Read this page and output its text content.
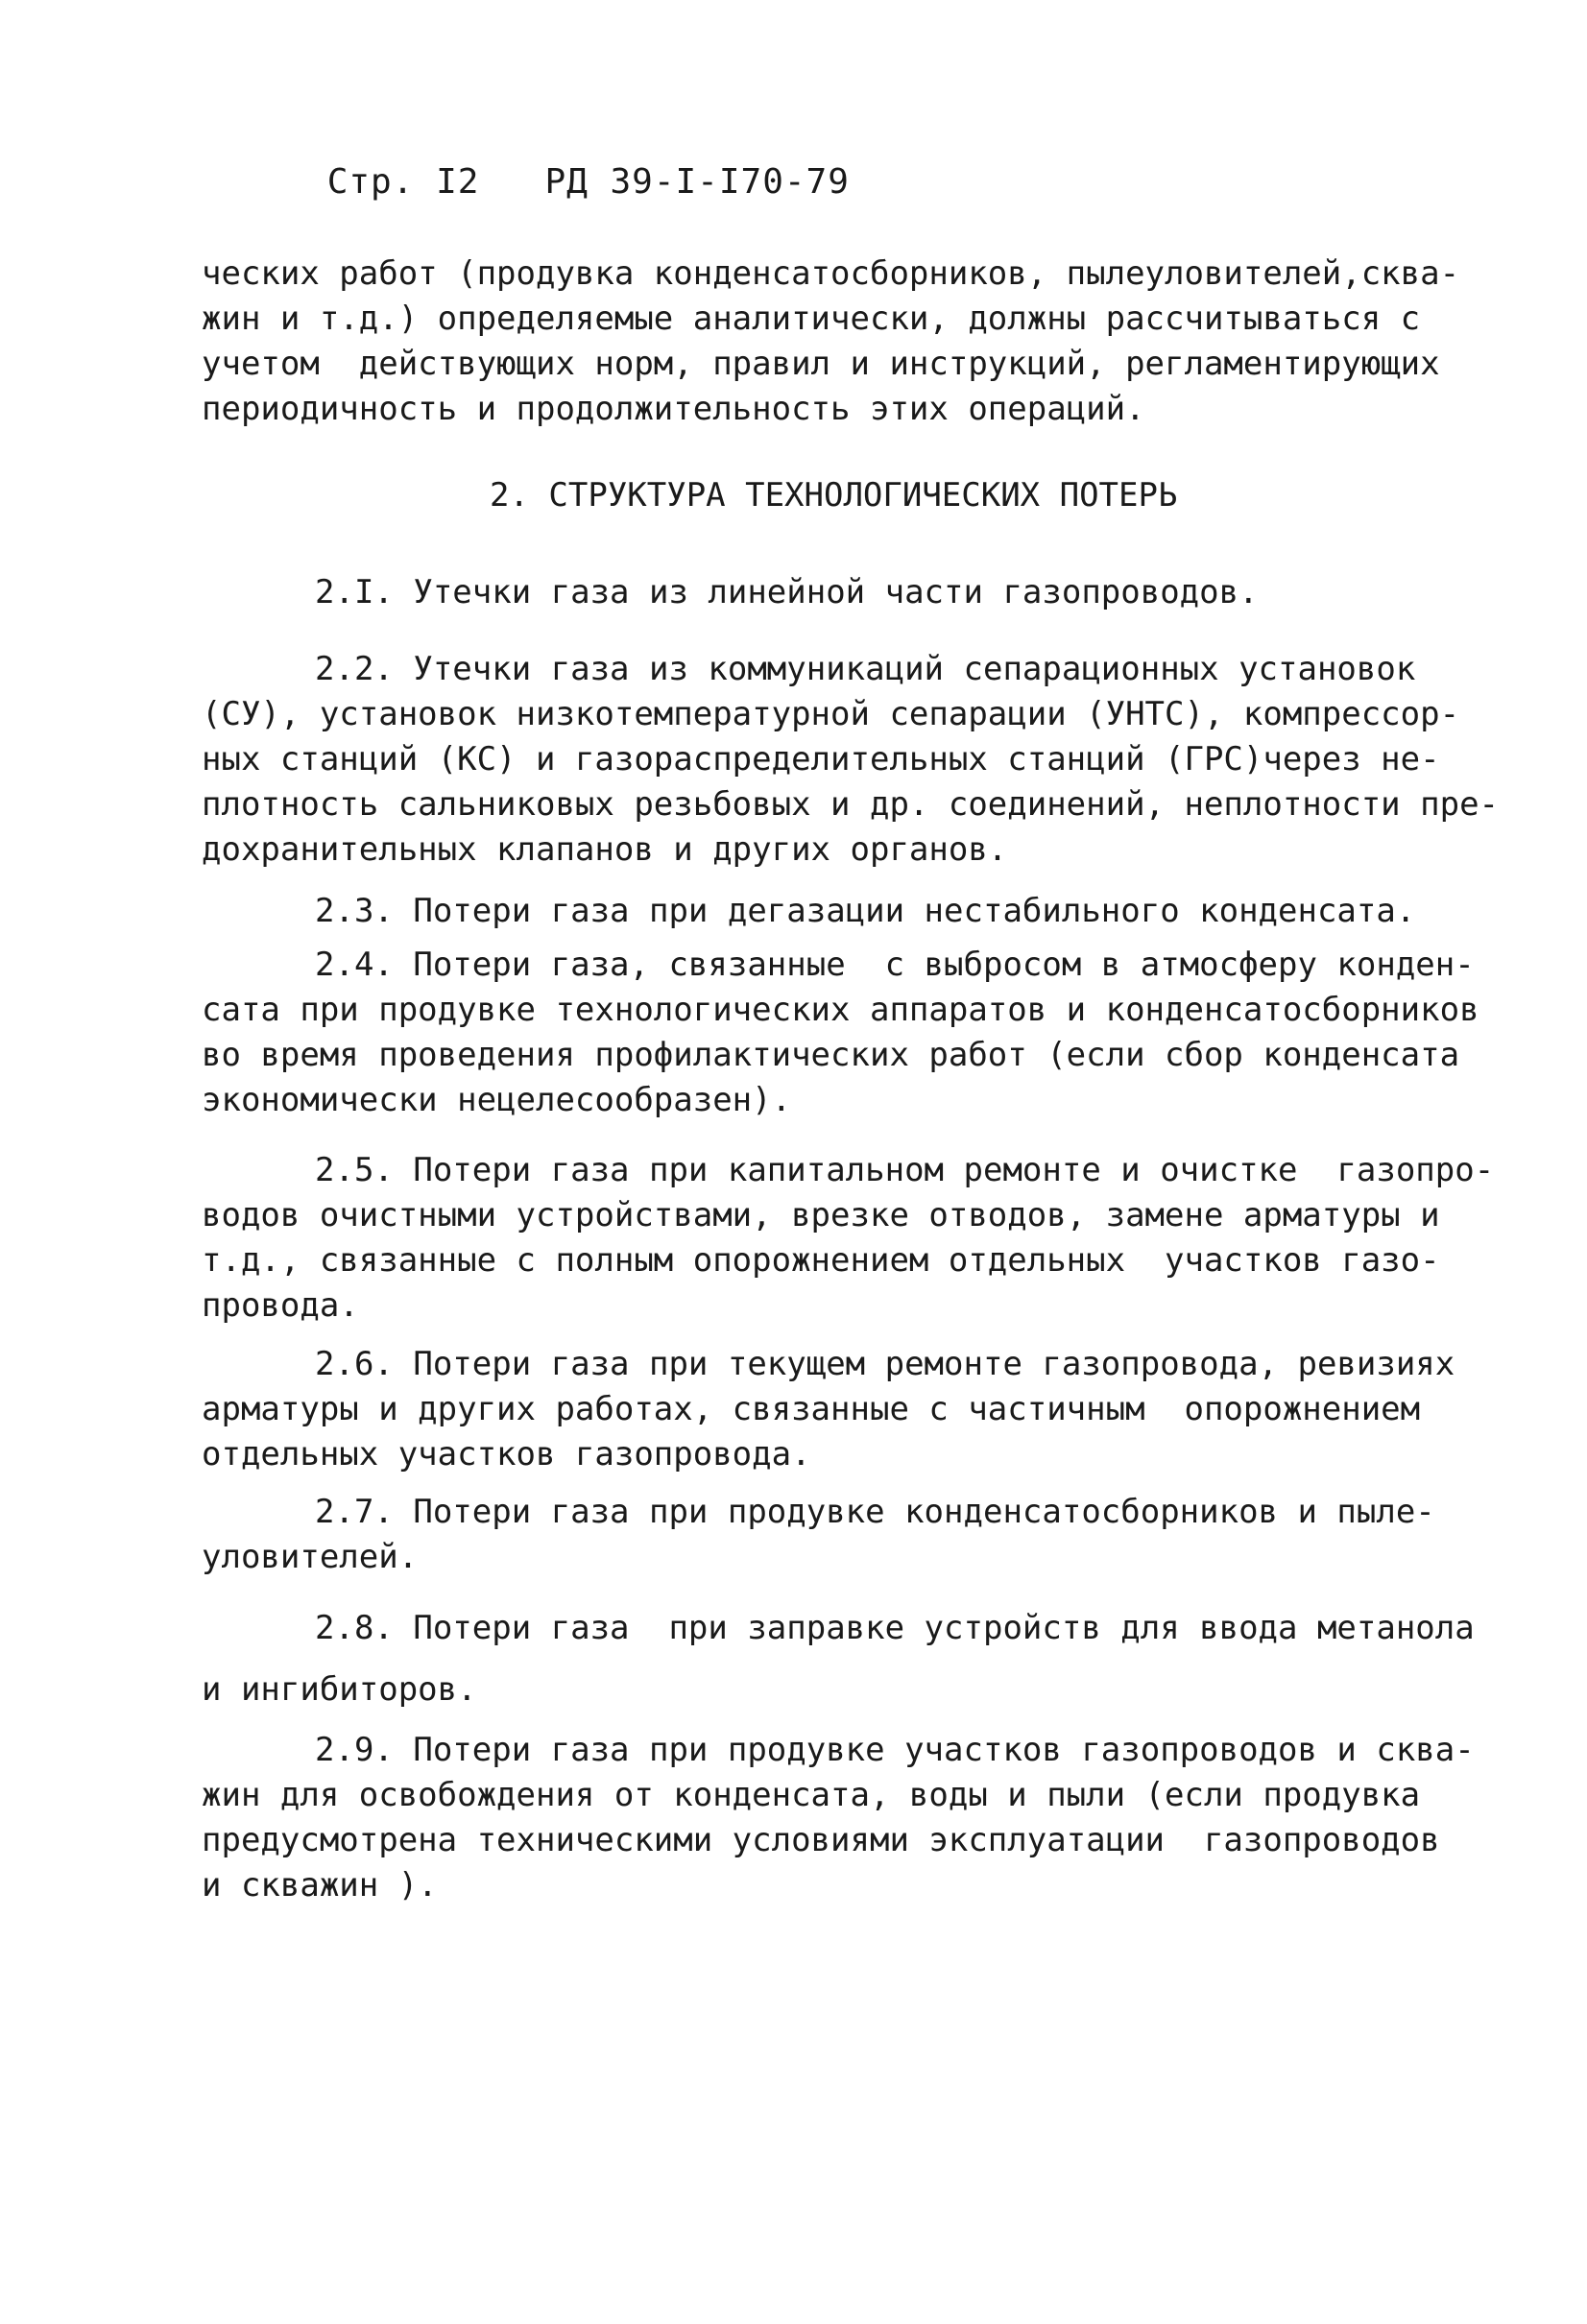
Стр. I2 РД 39-I-I70-79

ческих работ (продувка конденсатосборников, пылеуловителей,сква-
жин и т.д.) определяемые аналитически, должны рассчитываться с
учетом  действующих норм, правил и инструкций, регламентирующих
периодичность и продолжительность этих операций.
2. СТРУКТУРА ТЕХНОЛОГИЧЕСКИХ ПОТЕРЬ
2.I. Утечки газа из линейной части газопроводов.
2.2. Утечки газа из коммуникаций сепарационных установок
(СУ), установок низкотемпературной сепарации (УНТС), компрессор-
ных станций (КС) и газораспределительных станций (ГРС)через не-
плотность сальниковых резьбовых и др. соединений, неплотности пре-
дохранительных клапанов и других органов.
2.3. Потери газа при дегазации нестабильного конденсата.
2.4. Потери газа, связанные  с выбросом в атмосферу конден-
сата при продувке технологических аппаратов и конденсатосборников
во время проведения профилактических работ (если сбор конденсата
экономически нецелесообразен).
2.5. Потери газа при капитальном ремонте и очистке  газопро-
водов очистными устройствами, врезке отводов, замене арматуры и
т.д., связанные с полным опорожнением отдельных  участков газо-
провода.
2.6. Потери газа при текущем ремонте газопровода, ревизиях
арматуры и других работах, связанные с частичным  опорожнением
отдельных участков газопровода.
2.7. Потери газа при продувке конденсатосборников и пыле-
уловителей.
2.8. Потери газа  при заправке устройств для ввода метанола
и ингибиторов.
2.9. Потери газа при продувке участков газопроводов и сква-
жин для освобождения от конденсата, воды и пыли (если продувка
предусмотрена техническими условиями эксплуатации  газопроводов
и скважин ).
